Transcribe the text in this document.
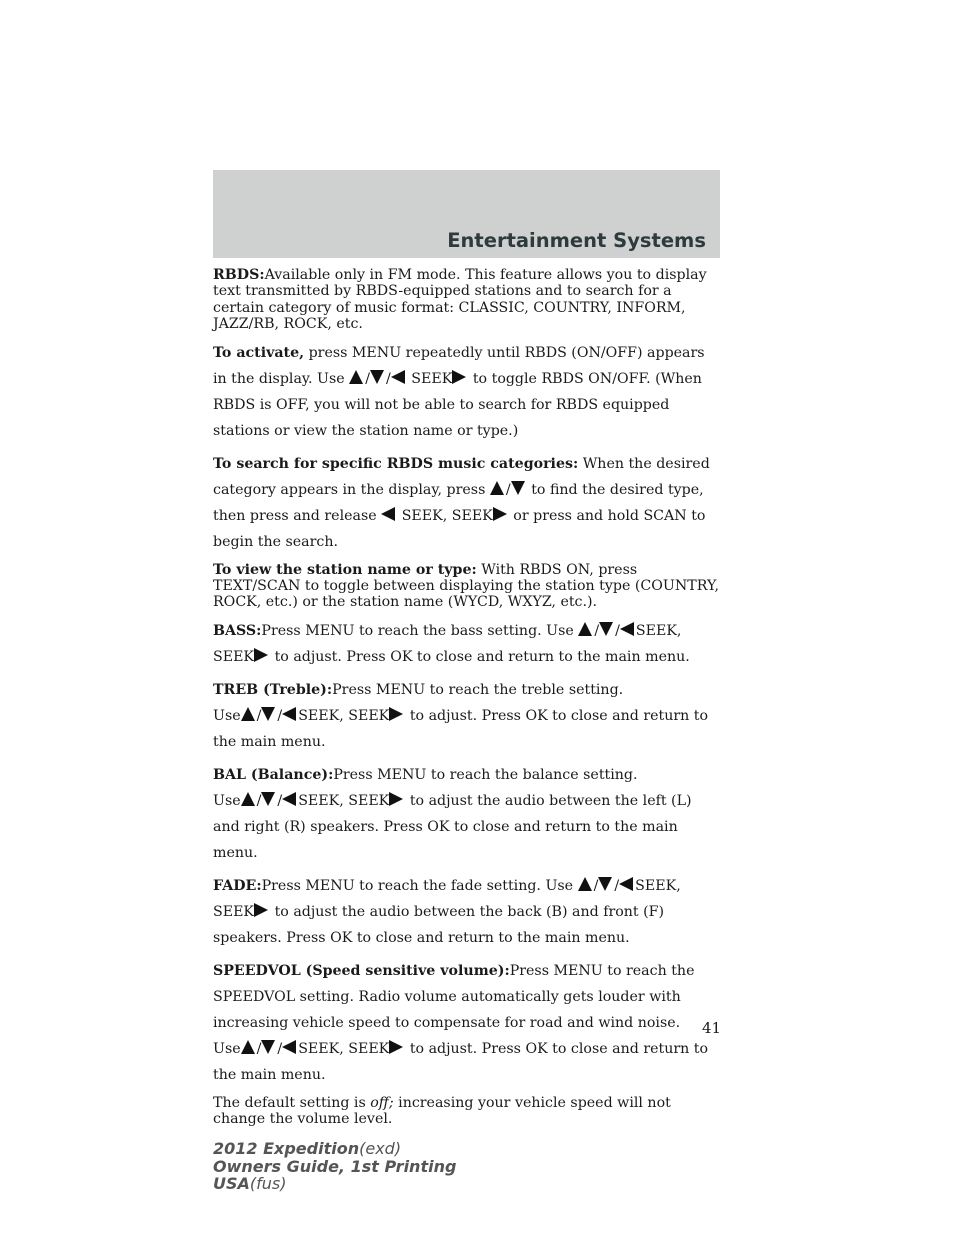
Entertainment Systems

RBDS:Available only in FM mode. This feature allows you to display text transmitted by RBDS-equipped stations and to search for a certain category of music format: CLASSIC, COUNTRY, INFORM, JAZZ/RB, ROCK, etc.

To activate, press MENU repeatedly until RBDS (ON/OFF) appears in the display. Use / / SEEK to toggle RBDS ON/OFF. (When RBDS is OFF, you will not be able to search for RBDS equipped stations or view the station name or type.)

To search for specific RBDS music categories: When the desired category appears in the display, press / to find the desired type, then press and release SEEK, SEEK or press and hold SCAN to begin the search.

To view the station name or type: With RBDS ON, press TEXT/SCAN to toggle between displaying the station type (COUNTRY, ROCK, etc.) or the station name (WYCD, WXYZ, etc.).

BASS:Press MENU to reach the bass setting. Use / / SEEK, SEEK to adjust. Press OK to close and return to the main menu.

TREB (Treble):Press MENU to reach the treble setting.
Use / / SEEK, SEEK to adjust. Press OK to close and return to the main menu.

BAL (Balance):Press MENU to reach the balance setting.
Use / / SEEK, SEEK to adjust the audio between the left (L) and right (R) speakers. Press OK to close and return to the main menu.

FADE:Press MENU to reach the fade setting. Use / / SEEK, SEEK to adjust the audio between the back (B) and front (F) speakers. Press OK to close and return to the main menu.

SPEEDVOL (Speed sensitive volume):Press MENU to reach the SPEEDVOL setting. Radio volume automatically gets louder with increasing vehicle speed to compensate for road and wind noise.
Use / / SEEK, SEEK to adjust. Press OK to close and return to the main menu.

The default setting is off; increasing your vehicle speed will not change the volume level.

41
2012 Expedition(exd)
Owners Guide, 1st Printing
USA(fus)
